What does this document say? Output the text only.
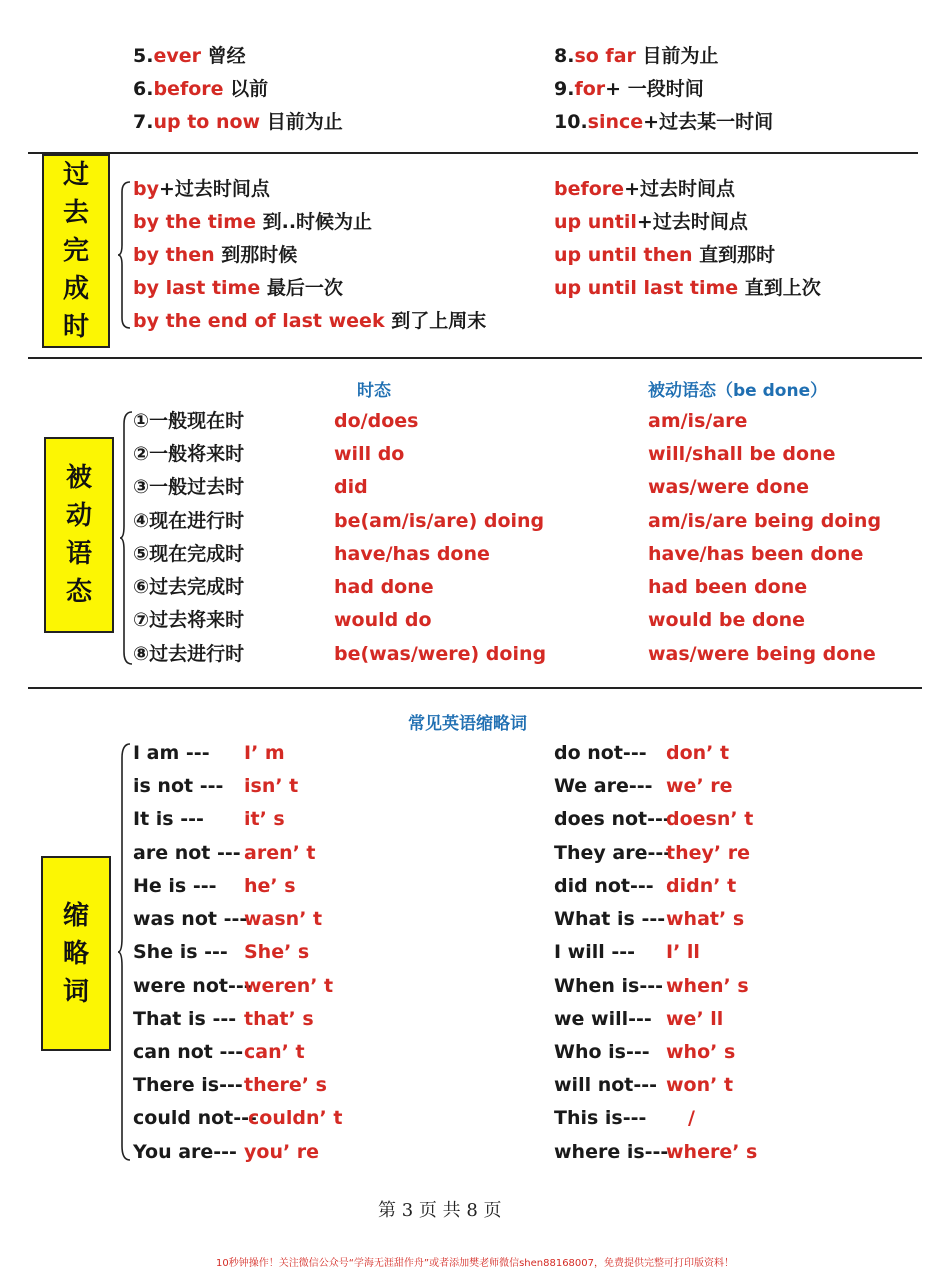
5.ever 曾经
6.before 以前
7.up to now 目前为止
8.so far 目前为止
9.for+ 一段时间
10.since+过去某一时间
过
去
完
成
时
by+过去时间点
by the time 到..时候为止
by then 到那时候
by last time 最后一次
by the end of last week 到了上周末
before+过去时间点
up until+过去时间点
up until then 直到那时
up until last time 直到上次
时态	被动语态（be done）
被
动
语
态
①一般现在时	do/does	am/is/are
②一般将来时	will do	will/shall be done
③一般过去时	did	was/were done
④现在进行时	be(am/is/are) doing	am/is/are being doing
⑤现在完成时	have/has done	have/has been done
⑥过去完成时	had done	had been done
⑦过去将来时	would do	would be done
⑧过去进行时	be(was/were) doing	was/were being done
常见英语缩略词
缩
略
词
I am --- I’ m
is not --- isn’ t
It is --- it’ s
are not --- aren’ t
He is --- he’ s
was not ---
wasn’ t
She is --- She’ s
were not---
weren’ t
That is --- that’ s
can not --- can’ t
There is--- there’ s
could not---
couldn’ t
You are--- you’ re
do not--- don’ t
We are--- we’ re
does not---
doesn’ t
They are---
they’ re
did not--- didn’ t
What is --- what’ s
I will --- I’ ll
When is--- when’ s
we will--- we’ ll
Who is--- who’ s
will not--- won’ t
This is--- /
where is---
where’ s
第 3 页 共 8 页
10秒钟操作！关注微信公众号“学海无涯甜作舟”或者添加樊老师微信shen88168007，免费提供完整可打印版资料！
